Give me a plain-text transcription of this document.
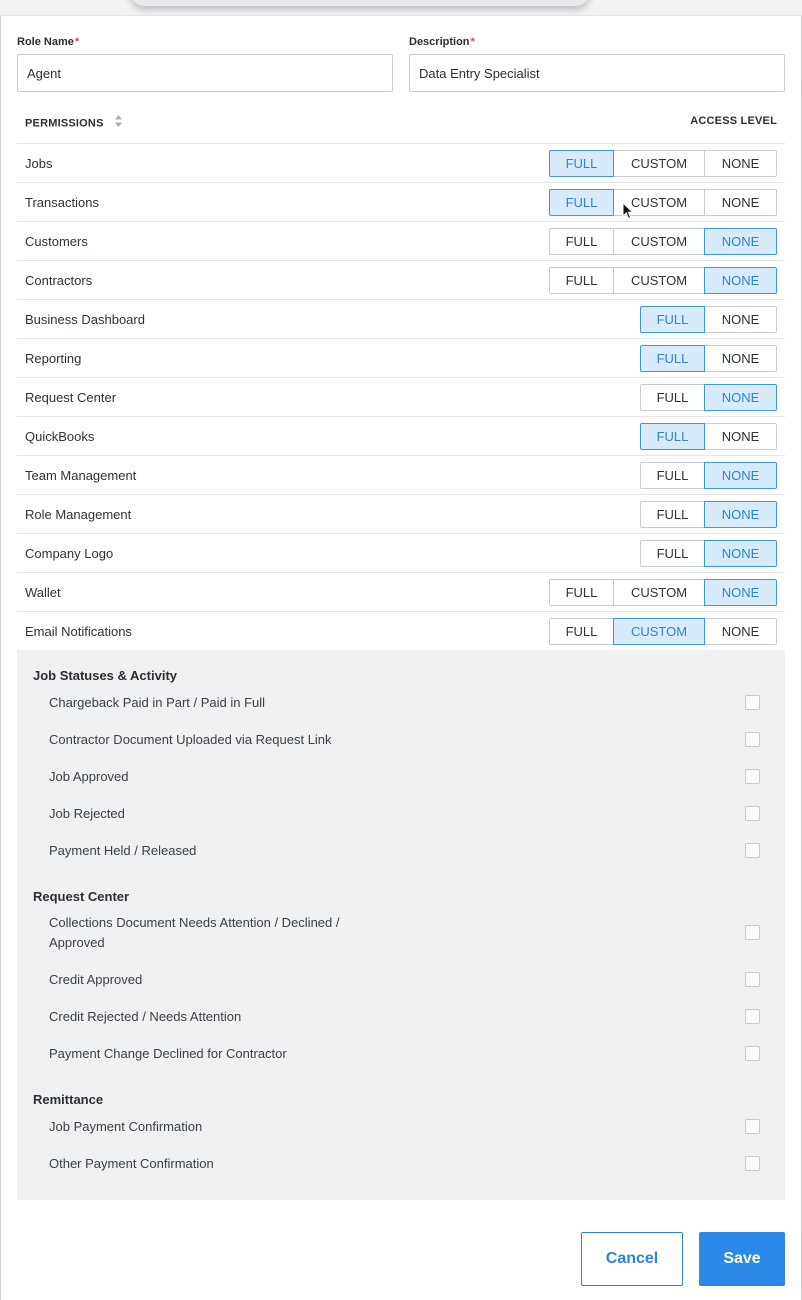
Role Name*
Agent	Description*
Data Entry Specialist
PERMISSIONS	ACCESS LEVEL
Jobs	FULL	CUSTOM	NONE
Transactions	FULL	CUSTOM	NONE
Customers	FULL	CUSTOM	NONE
Contractors	FULL	CUSTOM	NONE
Business Dashboard	FULL	NONE
Reporting	FULL	NONE
Request Center	FULL	NONE
QuickBooks	FULL	NONE
Team Management	FULL	NONE
Role Management	FULL	NONE
Company Logo	FULL	NONE
Wallet	FULL	CUSTOM	NONE
Email Notifications	FULL	CUSTOM	NONE
Job Statuses & Activity
Chargeback Paid in Part / Paid in Full
Contractor Document Uploaded via Request Link
Job Approved
Job Rejected
Payment Held / Released
Request Center
Collections Document Needs Attention / Declined / Approved
Credit Approved
Credit Rejected / Needs Attention
Payment Change Declined for Contractor
Remittance
Job Payment Confirmation
Other Payment Confirmation
Cancel	Save
